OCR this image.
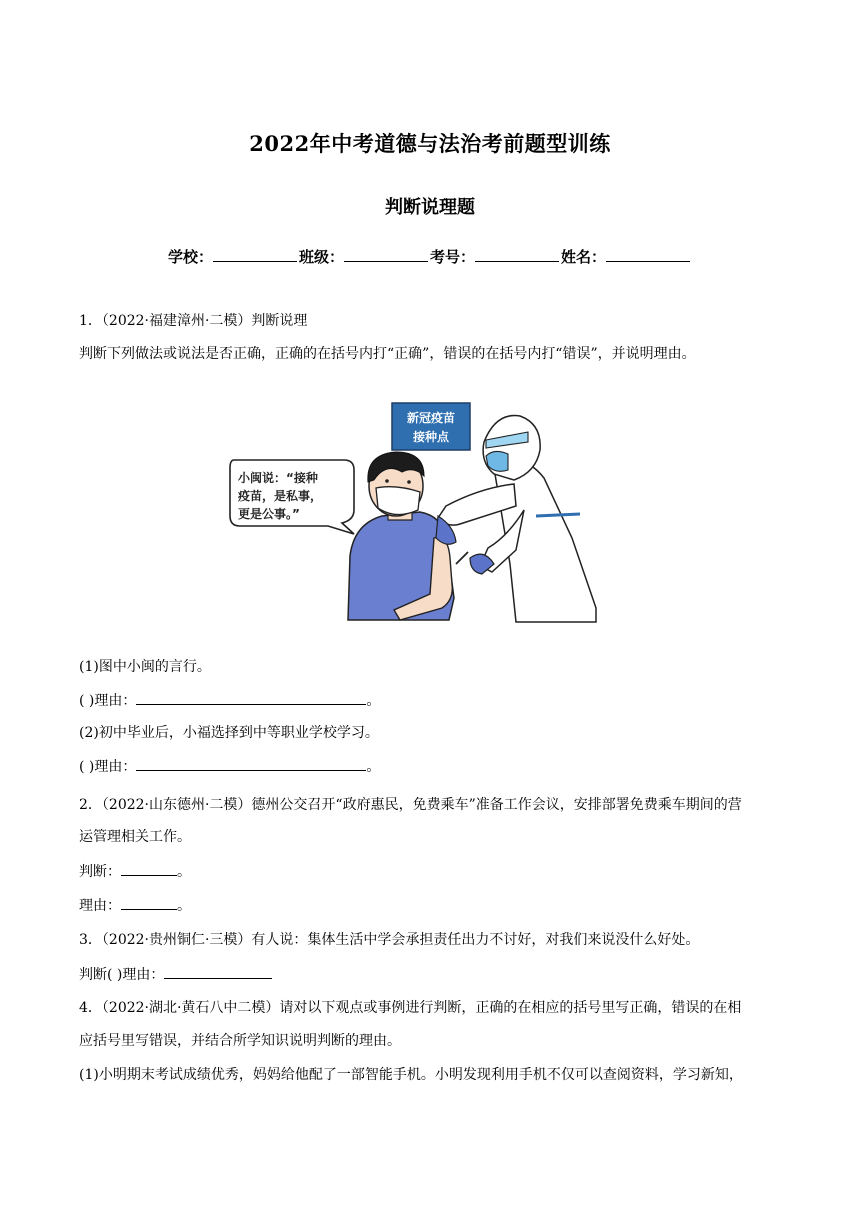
2022年中考道德与法治考前题型训练
判断说理题
学校：	班级：	考号：	姓名：
1．（2022·福建漳州·二模）判断说理
判断下列做法或说法是否正确，正确的在括号内打“正确”，错误的在括号内打“错误”，并说明理由。
新冠疫苗
接种点
小闽说：“接种
疫苗，是私事，
更是公事。”
(1)图中小闽的言行。
( )理由：	。
(2)初中毕业后，小福选择到中等职业学校学习。
( )理由：	。
2．（2022·山东德州·二模）德州公交召开“政府惠民，免费乘车”准备工作会议，安排部署免费乘车期间的营
运管理相关工作。
判断：	。
理由：	。
3．（2022·贵州铜仁·三模）有人说：集体生活中学会承担责任出力不讨好，对我们来说没什么好处。
判断( )理由：
4．（2022·湖北·黄石八中二模）请对以下观点或事例进行判断，正确的在相应的括号里写正确，错误的在相
应括号里写错误，并结合所学知识说明判断的理由。
(1)小明期末考试成绩优秀，妈妈给他配了一部智能手机。小明发现利用手机不仅可以查阅资料，学习新知，
